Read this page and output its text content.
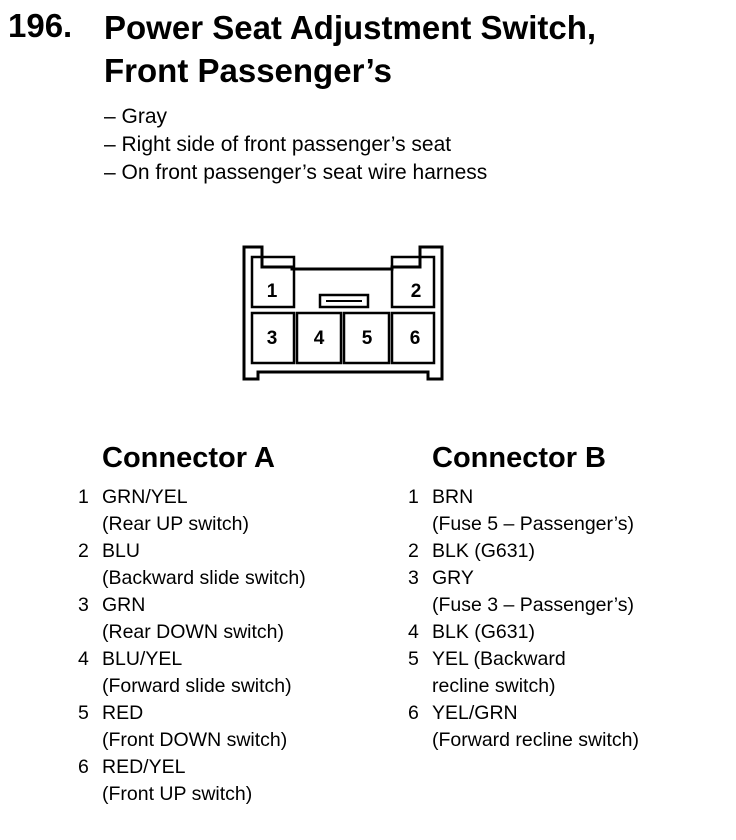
196. Power Seat Adjustment Switch,
Front Passenger’s
– Gray
– Right side of front passenger’s seat
– On front passenger’s seat wire harness
1	2
3 4 5 6
Connector A
1 GRN/YEL
(Rear UP switch)
2 BLU
(Backward slide switch)
3 GRN
(Rear DOWN switch)
4 BLU/YEL
(Forward slide switch)
5 RED
(Front DOWN switch)
6 RED/YEL
(Front UP switch)
Connector B
1 BRN
(Fuse 5 – Passenger’s)
2 BLK (G631)
3 GRY
(Fuse 3 – Passenger’s)
4 BLK (G631)
5 YEL (Backward
recline switch)
6 YEL/GRN
(Forward recline switch)
